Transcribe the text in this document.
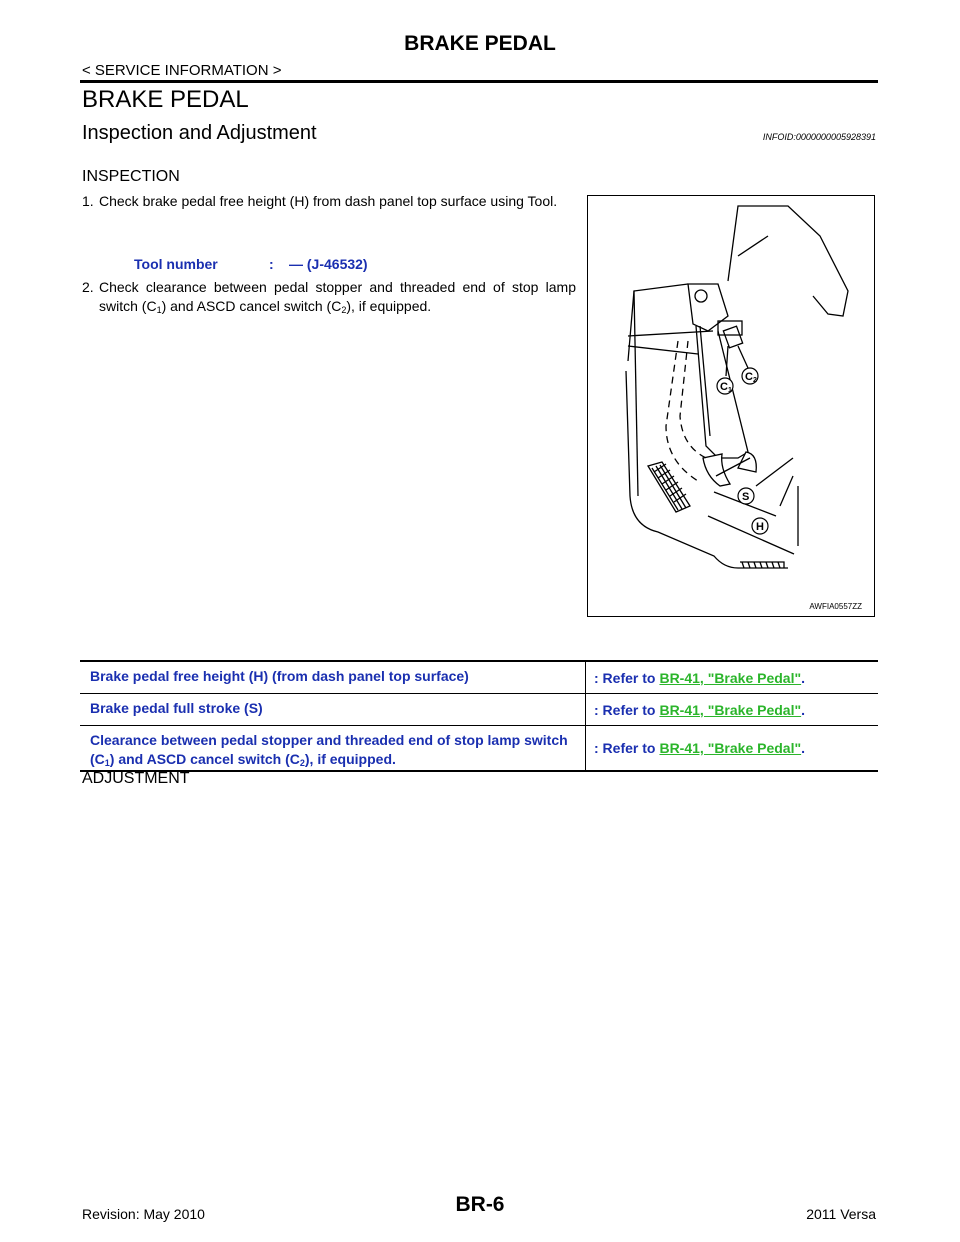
BRAKE PEDAL
< SERVICE INFORMATION >
BRAKE PEDAL
Inspection and Adjustment	INFOID:0000000005928391
INSPECTION
1. Check brake pedal free height (H) from dash panel top surface using Tool.
Tool number	: — (J-46532)
2. Check clearance between pedal stopper and threaded end of stop lamp switch $(C_1)$ and ASCD cancel switch $(C_2)$, if equipped.
C1
C2
S
H
AWFIA0557ZZ
Brake pedal free height (H) (from dash panel top surface)	: Refer to BR-41, "Brake Pedal" .
Brake pedal full stroke (S)	: Refer to BR-41, "Brake Pedal" .
Clearance between pedal stopper and threaded end of stop lamp switch $(C_1)$ and ASCD cancel switch $(C_2)$, if equipped.
: Refer to BR-41, "Brake Pedal" .
ADJUSTMENT
Revision: May 2010	BR-6	2011 Versa
